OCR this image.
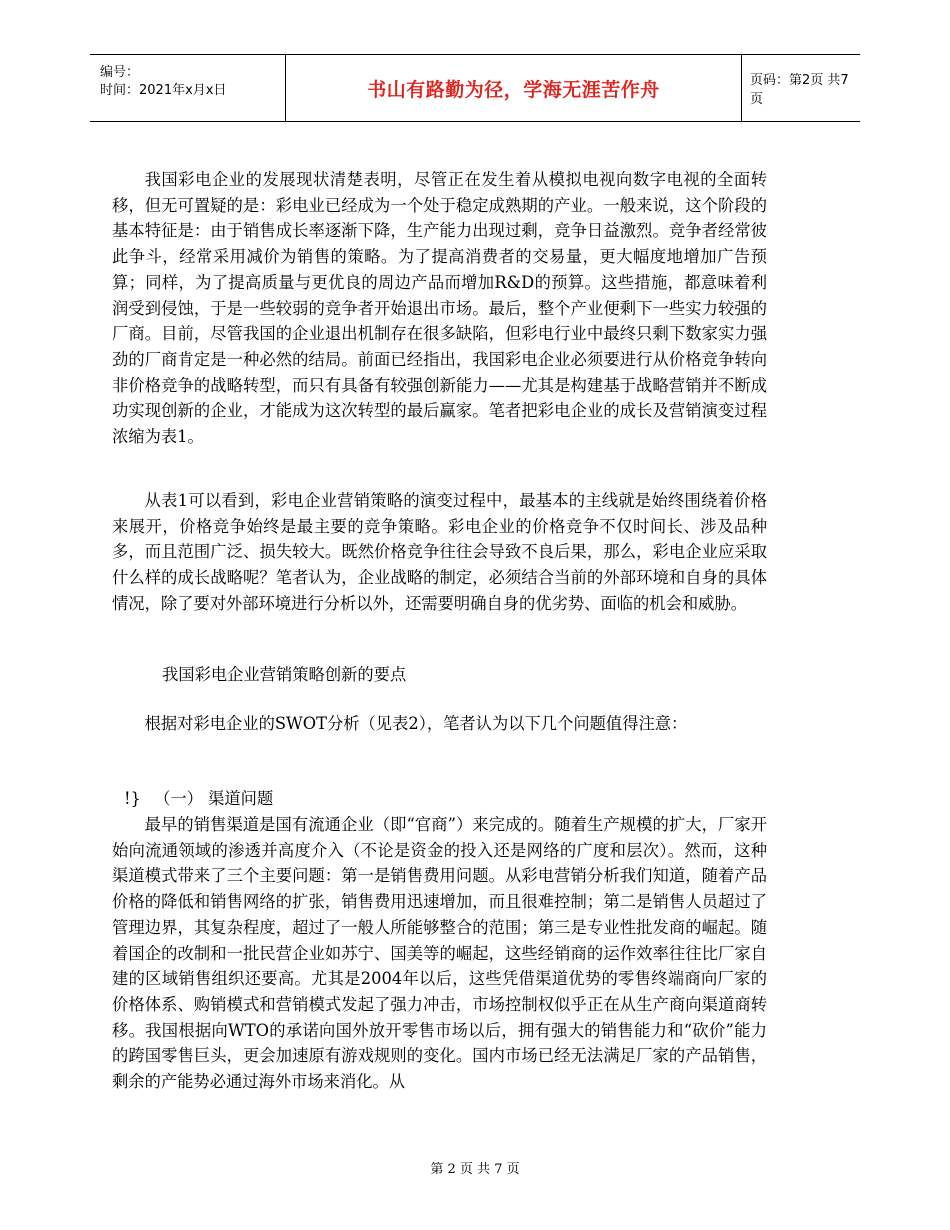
编号：
时间：2021年x月x日	书山有路勤为径，学海无涯苦作舟	页码：第2页 共7页

我国彩电企业的发展现状清楚表明，尽管正在发生着从模拟电视向数字电视的全面转移，但无可置疑的是：彩电业已经成为一个处于稳定成熟期的产业。一般来说，这个阶段的基本特征是：由于销售成长率逐渐下降，生产能力出现过剩，竞争日益激烈。竞争者经常彼此争斗，经常采用减价为销售的策略。为了提高消费者的交易量，更大幅度地增加广告预算；同样，为了提高质量与更优良的周边产品而增加R&D的预算。这些措施，都意味着利润受到侵蚀，于是一些较弱的竞争者开始退出市场。最后，整个产业便剩下一些实力较强的厂商。目前，尽管我国的企业退出机制存在很多缺陷，但彩电行业中最终只剩下数家实力强劲的厂商肯定是一种必然的结局。前面已经指出，我国彩电企业必须要进行从价格竞争转向非价格竞争的战略转型，而只有具备有较强创新能力——尤其是构建基于战略营销并不断成功实现创新的企业，才能成为这次转型的最后赢家。笔者把彩电企业的成长及营销演变过程浓缩为表1。

从表1可以看到，彩电企业营销策略的演变过程中，最基本的主线就是始终围绕着价格来展开，价格竞争始终是最主要的竞争策略。彩电企业的价格竞争不仅时间长、涉及品种多，而且范围广泛、损失较大。既然价格竞争往往会导致不良后果，那么，彩电企业应采取什么样的成长战略呢？笔者认为，企业战略的制定，必须结合当前的外部环境和自身的具体情况，除了要对外部环境进行分析以外，还需要明确自身的优劣势、面临的机会和威胁。

我国彩电企业营销策略创新的要点

根据对彩电企业的SWOT分析（见表2），笔者认为以下几个问题值得注意：

!} （一） 渠道问题

最早的销售渠道是国有流通企业（即“官商”）来完成的。随着生产规模的扩大，厂家开始向流通领域的渗透并高度介入（不论是资金的投入还是网络的广度和层次）。然而，这种渠道模式带来了三个主要问题：第一是销售费用问题。从彩电营销分析我们知道，随着产品价格的降低和销售网络的扩张，销售费用迅速增加，而且很难控制；第二是销售人员超过了管理边界，其复杂程度，超过了一般人所能够整合的范围；第三是专业性批发商的崛起。随着国企的改制和一批民营企业如苏宁、国美等的崛起，这些经销商的运作效率往往比厂家自建的区域销售组织还要高。尤其是2004年以后，这些凭借渠道优势的零售终端商向厂家的价格体系、购销模式和营销模式发起了强力冲击，市场控制权似乎正在从生产商向渠道商转移。我国根据向WTO的承诺向国外放开零售市场以后，拥有强大的销售能力和“砍价”能力的跨国零售巨头，更会加速原有游戏规则的变化。国内市场已经无法满足厂家的产品销售，剩余的产能势必通过海外市场来消化。从

第 2 页 共 7 页
